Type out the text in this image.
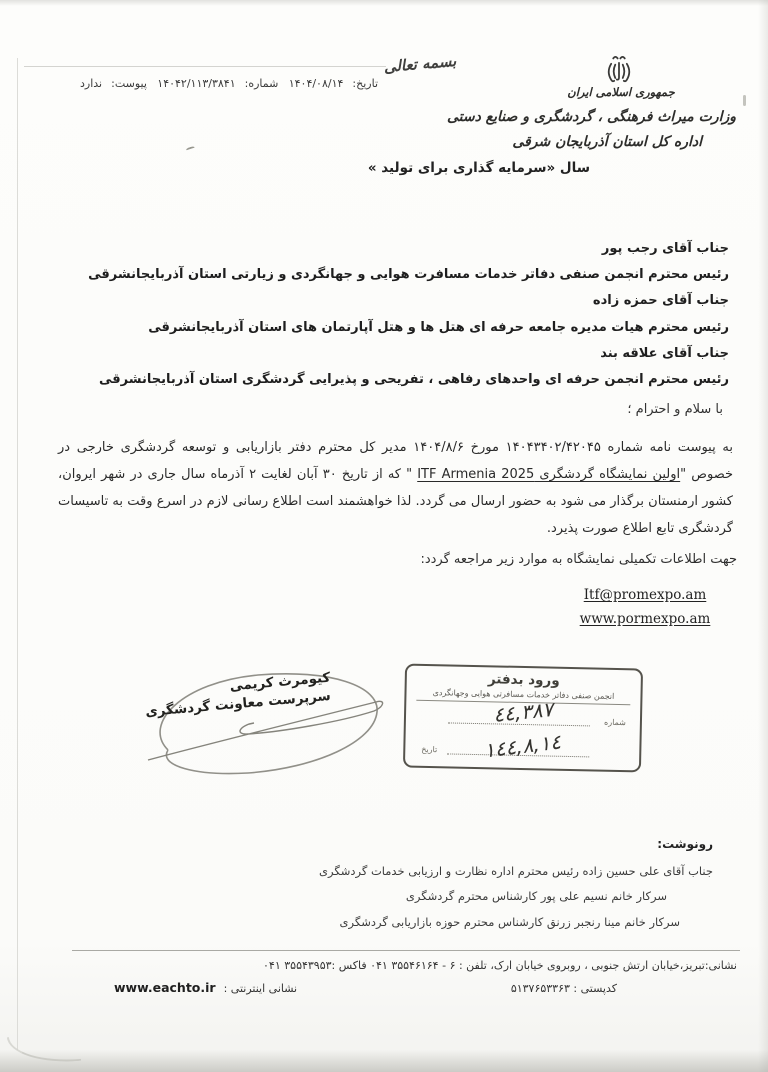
تاریخ:
۱۴۰۴/۰۸/۱۴
شماره:
۱۴۰۴۲/۱۱۳/۳۸۴۱
پیوست:
ندارد
بسمه تعالی
جمهوری اسلامی ایران
وزارت میراث فرهنگی ، گردشگری و صنایع دستی
اداره کل استان آذربایجان شرقی
سال «سرمایه گذاری برای تولید »
جناب آقای رجب پور
رئیس محترم انجمن صنفی دفاتر خدمات مسافرت هوایی و جهانگردی و زیارتی استان آذربایجانشرقی
جناب آقای حمزه زاده
رئیس محترم هیات مدیره جامعه حرفه ای هتل ها و هتل آپارتمان های استان آذربایجانشرقی
جناب آقای علاقه بند
رئیس محترم انجمن حرفه ای واحدهای رفاهی ، تفریحی و پذیرایی گردشگری استان آذربایجانشرقی
با سلام و احترام ؛

به پیوست نامه شماره ۱۴۰۴۳۴۰۲/۴۲۰۴۵ مورخ ۱۴۰۴/۸/۶ مدیر کل محترم دفتر بازاریابی و توسعه گردشگری خارجی در خصوص "اولین نمایشگاه گردشگری ITF Armenia 2025 " که از تاریخ ۳۰ آبان لغایت ۲ آذرماه سال جاری در شهر ایروان، کشور ارمنستان برگذار می شود به حضور ارسال می گردد. لذا خواهشمند است اطلاع رسانی لازم در اسرع وقت به تاسیسات گردشگری تابع اطلاع صورت پذیرد.

جهت اطلاعات تکمیلی نمایشگاه به موارد زیر مراجعه گردد:
Itf@promexpo.am
www.pormexpo.am
کیومرث کریمی
سرپرست معاونت گردشگری
ورود بدفتر
انجمن صنفی دفاتر خدمات مسافرتی هوایی وجهانگردی
شماره
٤٤,٣٨٧
تاریخ	١٤٤,٨,١٤
رونوشت:
جناب آقای علی حسین زاده رئیس محترم اداره نظارت و ارزیابی خدمات گردشگری
سرکار خانم نسیم علی پور کارشناس محترم گردشگری
سرکار خانم مینا رنجبر زرنق کارشناس محترم حوزه بازاریابی گردشگری
نشانی:تبریز،خیابان ارتش جنوبی ، روبروی خیابان ارک، تلفن : ۶ - ۳۵۵۴۶۱۶۴ ۰۴۱ فاکس :۳۵۵۴۳۹۵۳ ۰۴۱
کدپستی : ۵۱۳۷۶۵۳۳۶۳
نشانی اینترنتی :
www.eachto.ir
